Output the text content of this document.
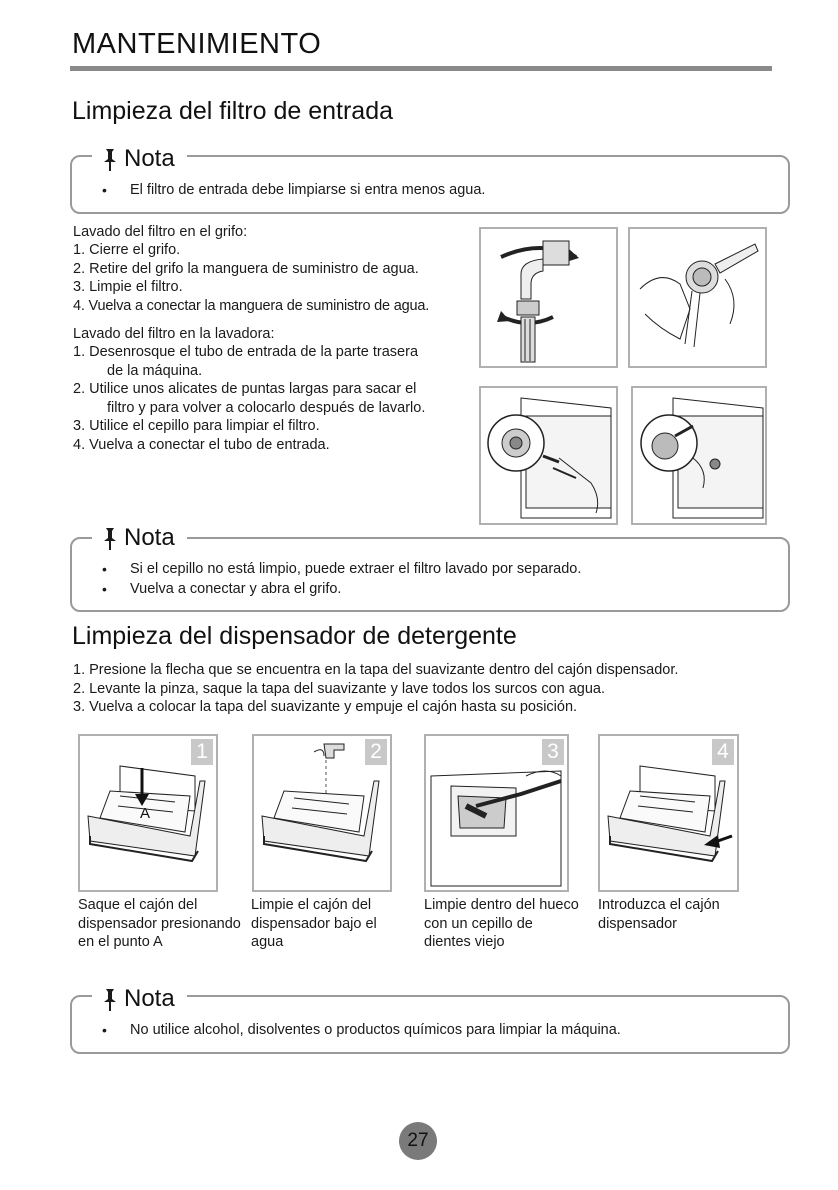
MANTENIMIENTO
Limpieza del filtro de entrada
• El filtro de entrada debe limpiarse si entra menos agua.
Nota
Lavado del filtro en el grifo:
1. Cierre el grifo.
2. Retire del grifo la manguera de suministro de agua.
3. Limpie el filtro.
4. Vuelva a conectar la manguera de suministro de agua.
Lavado del filtro en la lavadora:
1. Desenrosque el tubo de entrada de la parte trasera
de la máquina.
2. Utilice unos alicates de puntas largas para sacar el
filtro y para volver a colocarlo después de lavarlo.
3. Utilice el cepillo para limpiar el filtro.
4. Vuelva a conectar el tubo de entrada.
• Si el cepillo no está limpio, puede extraer el filtro lavado por separado.
• Vuelva a conectar y abra el grifo.
Nota
Limpieza del dispensador de detergente
1. Presione la flecha que se encuentra en la tapa del suavizante dentro del cajón dispensador.
2. Levante la pinza, saque la tapa del suavizante y lave todos los surcos con agua.
3. Vuelva a colocar la tapa del suavizante y empuje el cajón hasta su posición.
1
A
2	3	4
Saque el cajón del dispensador presionando en el punto A
Limpie el cajón del dispensador bajo el agua
Limpie dentro del hueco con un cepillo de dientes viejo
Introduzca el cajón dispensador
• No utilice alcohol, disolventes o productos químicos para limpiar la máquina.
Nota
27
